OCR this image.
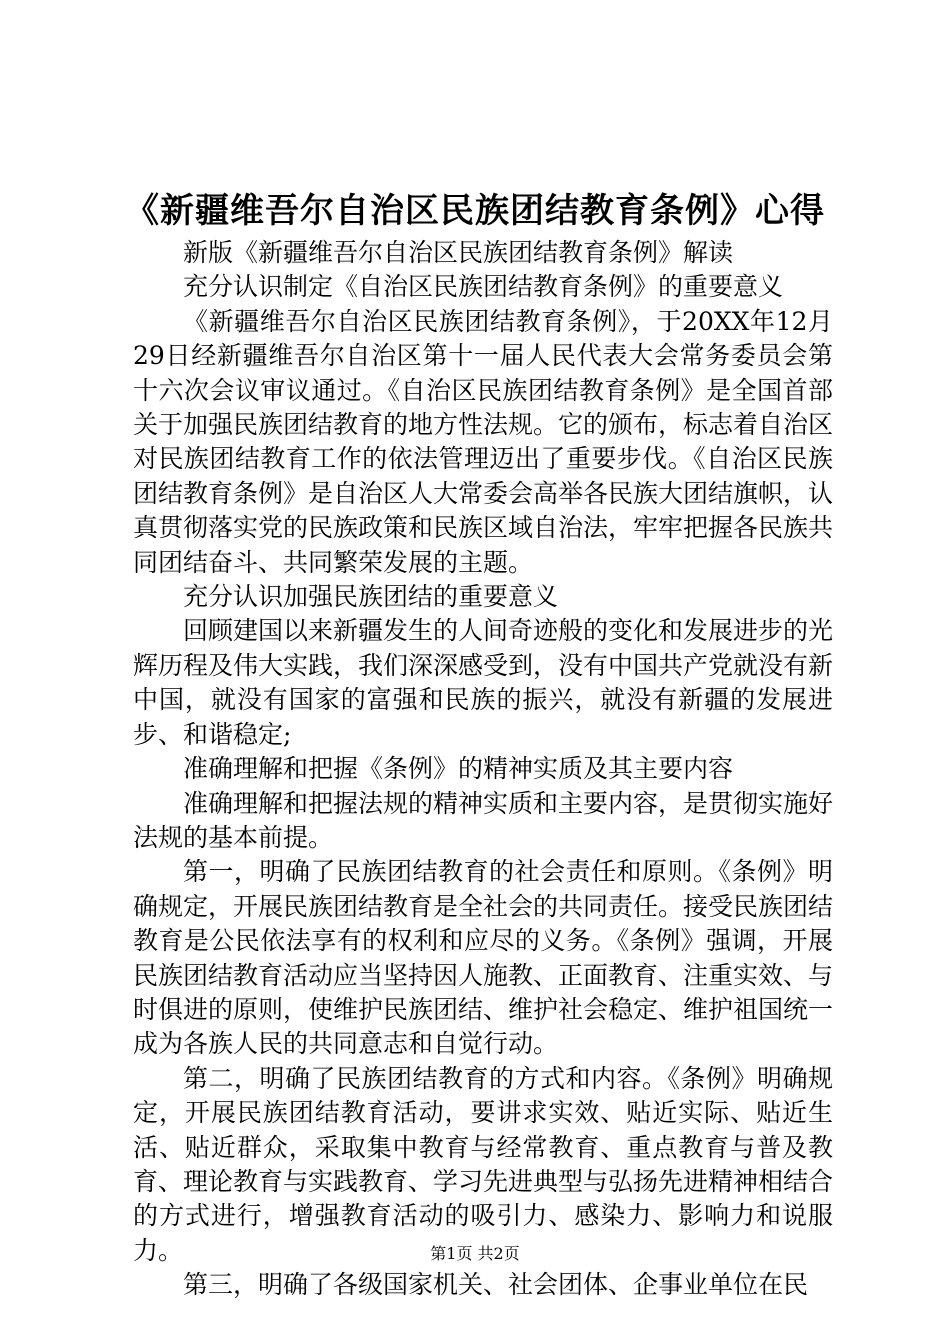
《新疆维吾尔自治区民族团结教育条例》心得

新版《新疆维吾尔自治区民族团结教育条例》解读

充分认识制定《自治区民族团结教育条例》的重要意义

《新疆维吾尔自治区民族团结教育条例》，于20XX年12月29日经新疆维吾尔自治区第十一届人民代表大会常务委员会第十六次会议审议通过。《自治区民族团结教育条例》是全国首部关于加强民族团结教育的地方性法规。它的颁布，标志着自治区对民族团结教育工作的依法管理迈出了重要步伐。《自治区民族团结教育条例》是自治区人大常委会高举各民族大团结旗帜，认真贯彻落实党的民族政策和民族区域自治法，牢牢把握各民族共同团结奋斗、共同繁荣发展的主题。

充分认识加强民族团结的重要意义

回顾建国以来新疆发生的人间奇迹般的变化和发展进步的光辉历程及伟大实践，我们深深感受到，没有中国共产党就没有新中国，就没有国家的富强和民族的振兴，就没有新疆的发展进步、和谐稳定;

准确理解和把握《条例》的精神实质及其主要内容

准确理解和把握法规的精神实质和主要内容，是贯彻实施好法规的基本前提。

第一，明确了民族团结教育的社会责任和原则。《条例》明确规定，开展民族团结教育是全社会的共同责任。接受民族团结教育是公民依法享有的权利和应尽的义务。《条例》强调，开展民族团结教育活动应当坚持因人施教、正面教育、注重实效、与时俱进的原则，使维护民族团结、维护社会稳定、维护祖国统一成为各族人民的共同意志和自觉行动。

第二，明确了民族团结教育的方式和内容。《条例》明确规定，开展民族团结教育活动，要讲求实效、贴近实际、贴近生活、贴近群众，采取集中教育与经常教育、重点教育与普及教育、理论教育与实践教育、学习先进典型与弘扬先进精神相结合的方式进行，增强教育活动的吸引力、感染力、影响力和说服力。

第三，明确了各级国家机关、社会团体、企事业单位在民

第1页 共2页
